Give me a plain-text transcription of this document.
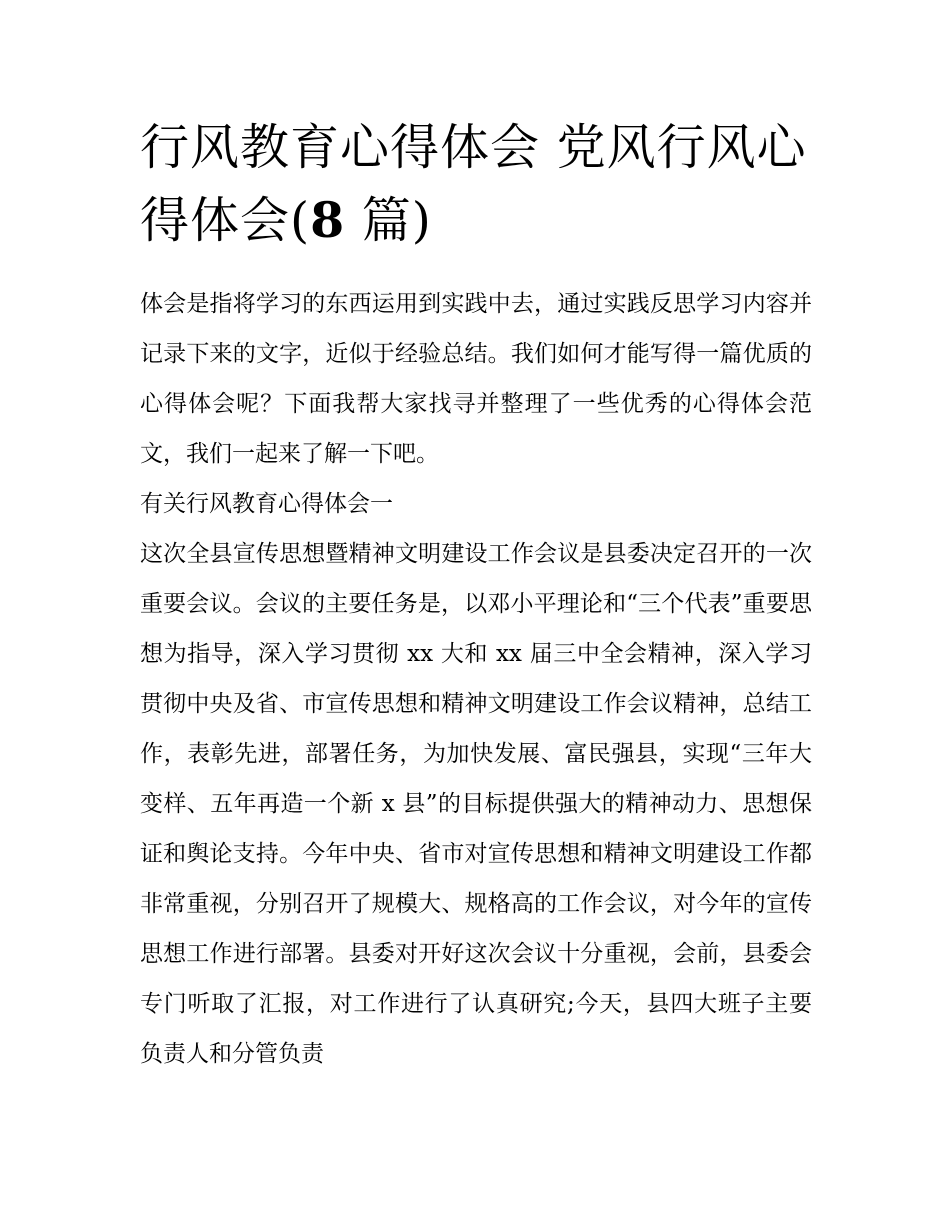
行风教育心得体会 党风行风心得体会(8 篇)

体会是指将学习的东西运用到实践中去，通过实践反思学习内容并记录下来的文字，近似于经验总结。我们如何才能写得一篇优质的心得体会呢？下面我帮大家找寻并整理了一些优秀的心得体会范文，我们一起来了解一下吧。

有关行风教育心得体会一

这次全县宣传思想暨精神文明建设工作会议是县委决定召开的一次重要会议。会议的主要任务是，以邓小平理论和“三个代表”重要思想为指导，深入学习贯彻 xx 大和 xx 届三中全会精神，深入学习贯彻中央及省、市宣传思想和精神文明建设工作会议精神，总结工作，表彰先进，部署任务，为加快发展、富民强县，实现“三年大变样、五年再造一个新 x 县”的目标提供强大的精神动力、思想保证和舆论支持。今年中央、省市对宣传思想和精神文明建设工作都非常重视，分别召开了规模大、规格高的工作会议，对今年的宣传思想工作进行部署。县委对开好这次会议十分重视，会前，县委会专门听取了汇报，对工作进行了认真研究;今天，县四大班子主要负责人和分管负责
